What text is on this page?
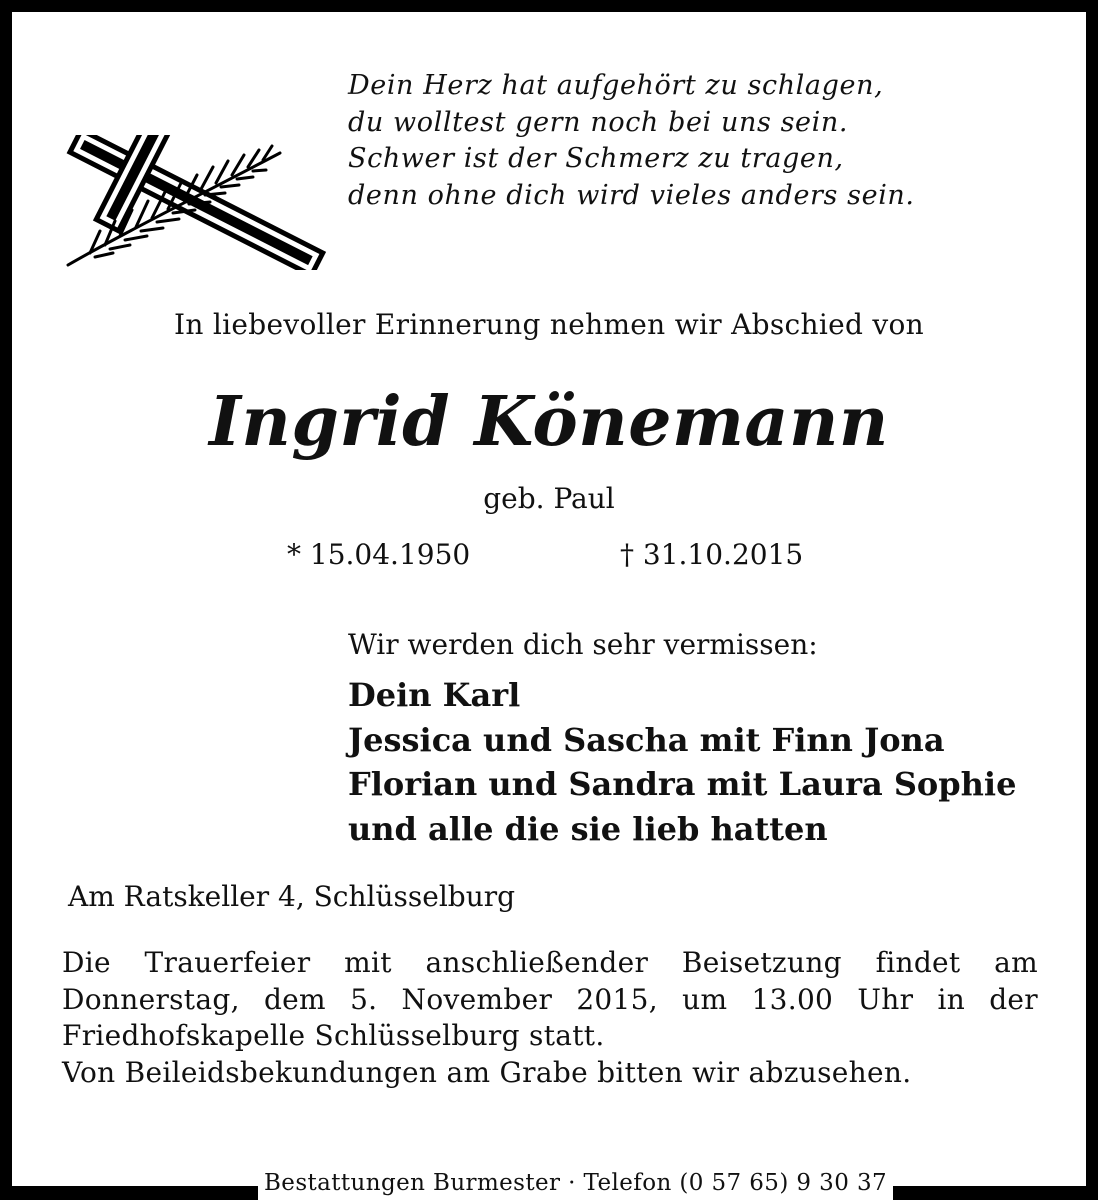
Dein Herz hat aufgehört zu schlagen,
du wolltest gern noch bei uns sein.
Schwer ist der Schmerz zu tragen,
denn ohne dich wird vieles anders sein.
In liebevoller Erinnerung nehmen wir Abschied von
Ingrid Könemann
geb. Paul
* 15.04.1950	† 31.10.2015
Wir werden dich sehr vermissen:
Dein Karl
Jessica und Sascha mit Finn Jona
Florian und Sandra mit Laura Sophie
und alle die sie lieb hatten
Am Ratskeller 4, Schlüsselburg
Die Trauerfeier mit anschließender Beisetzung findet am
Donnerstag, dem 5. November 2015, um 13.00 Uhr in der
Friedhofskapelle Schlüsselburg statt.
Von Beileidsbekundungen am Grabe bitten wir abzusehen.
Bestattungen Burmester · Telefon (0 57 65) 9 30 37
